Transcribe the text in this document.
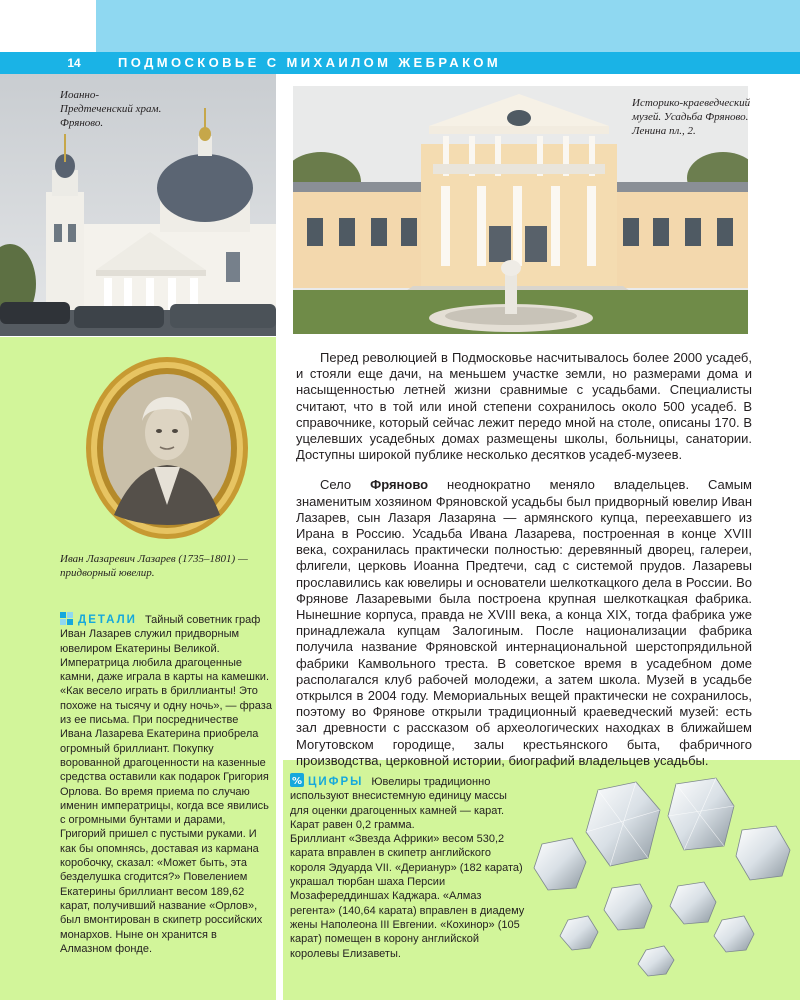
14	ПОДМОСКОВЬЕ С МИХАИЛОМ ЖЕБРАКОМ
Иоанно-Предтеченский храм. Фряново.
Историко-краеведческий музей. Усадьба Фряново. Ленина пл., 2.
Иван Лазаревич Лазарев (1735–1801) — придворный ювелир.
ДЕТАЛИ Тайный советник граф Иван Лазарев служил придворным ювелиром Екатерины Великой. Императрица любила драгоценные камни, даже играла в карты на камешки. «Как весело играть в бриллианты! Это похоже на тысячу и одну ночь», — фраза из ее письма. При посредничестве Ивана Лазарева Екатерина приобрела огромный бриллиант. Покупку ворованной драгоценности на казенные средства оставили как подарок Григория Орлова. Во время приема по случаю именин императрицы, когда все явились с огромными бунтами и дарами, Григорий пришел с пустыми руками. И как бы опомнясь, доставая из кармана коробочку, сказал: «Может быть, эта безделушка сгодится?» Повелением Екатерины бриллиант весом 189,62 карат, получивший название «Орлов», был вмонтирован в скипетр российских монархов. Ныне он хранится в Алмазном фонде.

Перед революцией в Подмосковье насчитывалось более 2000 усадеб, и стояли еще дачи, на меньшем участке земли, но размерами дома и насыщенностью летней жизни сравнимые с усадьбами. Специалисты считают, что в той или иной степени сохранилось около 500 усадеб. В справочнике, который сейчас лежит передо мной на столе, описаны 170. В уцелевших усадебных домах размещены школы, больницы, санатории. Доступны широкой публике несколько десятков усадеб-музеев.

Село Фряново неоднократно меняло владельцев. Самым знаменитым хозяином Фряновской усадьбы был придворный ювелир Иван Лазарев, сын Лазаря Лазаряна — армянского купца, переехавшего из Ирана в Россию. Усадьба Ивана Лазарева, построенная в конце XVIII века, сохранилась практически полностью: деревянный дворец, галереи, флигели, церковь Иоанна Предтечи, сад с системой прудов. Лазаревы прославились как ювелиры и основатели шелкоткацкого дела в России. Во Фрянове Лазаревыми была построена крупная шелкоткацкая фабрика. Нынешние корпуса, правда не XVIII века, а конца XIX, тогда фабрика уже принадлежала купцам Залогиным. После национализации фабрика получила название Фряновской интернациональной шерстопрядильной фабрики Камвольного треста. В советское время в усадебном доме располагался клуб рабочей молодежи, а затем школа. Музей в усадьбе открылся в 2004 году. Мемориальных вещей практически не сохранилось, поэтому во Фрянове открыли традиционный краеведческий музей: есть зал древности с рассказом об археологических находках в ближайшем Могутовском городище, залы крестьянского быта, фабричного производства, церковной истории, биографий владельцев усадьбы.

% ЦИФРЫ Ювелиры традиционно используют внесистемную единицу массы для оценки драгоценных камней — карат. Карат равен 0,2 грамма.

Бриллиант «Звезда Африки» весом 530,2 карата вправлен в скипетр английского короля Эдуарда VII. «Дерианур» (182 карата) украшал тюрбан шаха Персии Мозафереддиншах Каджара. «Алмаз регента» (140,64 карата) вправлен в диадему жены Наполеона III Евгении. «Кохинор» (105 карат) помещен в корону английской королевы Елизаветы.
